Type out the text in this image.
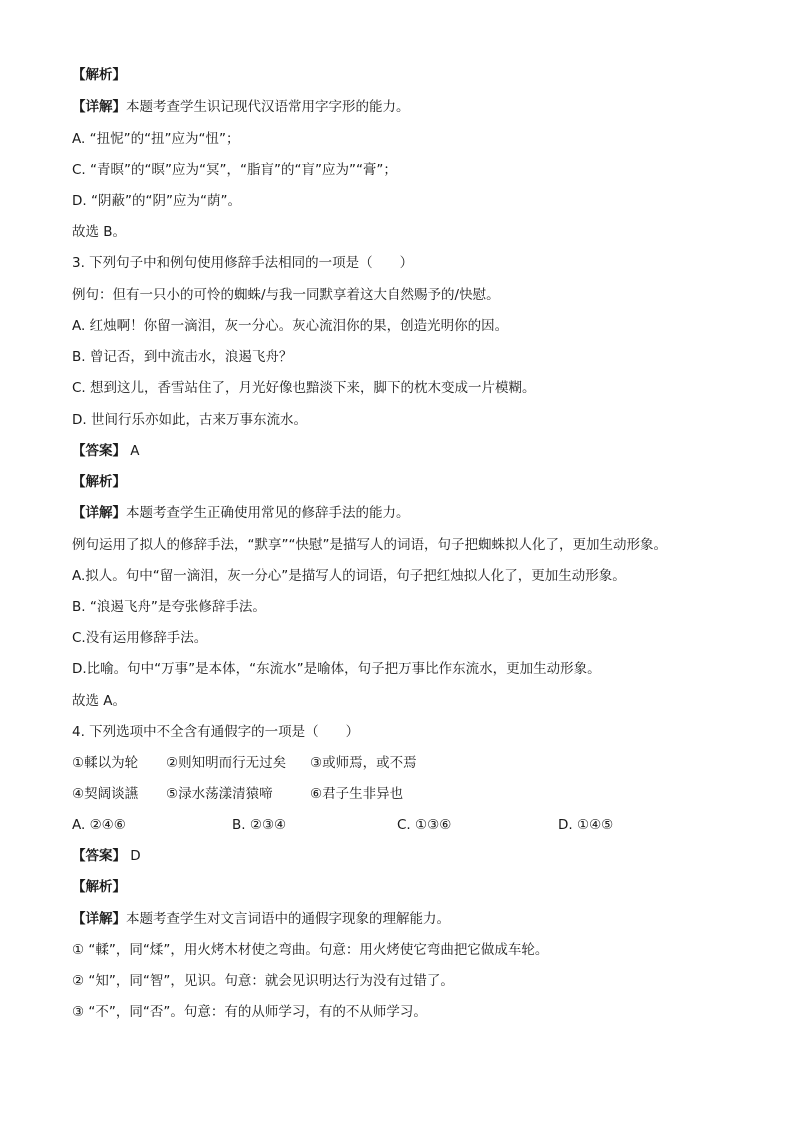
【解析】
【详解】本题考查学生识记现代汉语常用字字形的能力。
A. “扭怩”的“扭”应为“忸”；
C. “青暝”的“暝”应为“冥”，“脂肓”的“肓”应为”“膏”；
D. “阴蔽”的“阴”应为“荫”。
故选 B。
3. 下列句子中和例句使用修辞手法相同的一项是（　　）
例句：但有一只小的可怜的蜘蛛/与我一同默享着这大自然赐予的/快慰。
A. 红烛啊！你留一滴泪，灰一分心。灰心流泪你的果，创造光明你的因。
B. 曾记否，到中流击水，浪遏飞舟？
C. 想到这儿，香雪站住了，月光好像也黯淡下来，脚下的枕木变成一片模糊。
D. 世间行乐亦如此，古来万事东流水。
【答案】 A
【解析】
【详解】本题考查学生正确使用常见的修辞手法的能力。
例句运用了拟人的修辞手法，“默享”“快慰”是描写人的词语，句子把蜘蛛拟人化了，更加生动形象。
A.拟人。句中“留一滴泪，灰一分心”是描写人的词语，句子把红烛拟人化了，更加生动形象。
B. “浪遏飞舟”是夸张修辞手法。
C.没有运用修辞手法。
D.比喻。句中“万事”是本体，“东流水”是喻体，句子把万事比作东流水，更加生动形象。
故选 A。
4. 下列选项中不全含有通假字的一项是（　　）
①輮以为轮 ②则知明而行无过矣 ③或师焉，或不焉
④契阔谈讌 ⑤渌水荡漾清猿啼	⑥君子生非异也
A. ②④⑥	B. ②③④	C. ①③⑥	D. ①④⑤
【答案】 D
【解析】
【详解】本题考查学生对文言词语中的通假字现象的理解能力。
① “輮”，同“煣”，用火烤木材使之弯曲。句意：用火烤使它弯曲把它做成车轮。
② “知”，同“智”，见识。句意：就会见识明达行为没有过错了。
③ “不”，同“否”。句意：有的从师学习，有的不从师学习。
